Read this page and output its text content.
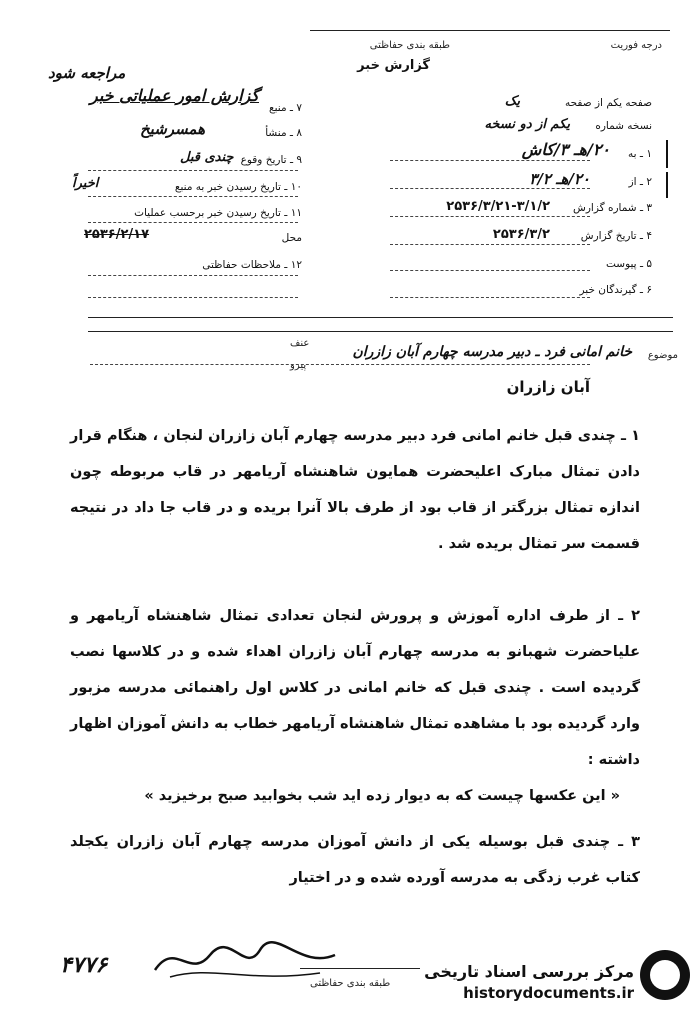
درجه فوریت
طبقه بندی حفاظتی
گزارش خبر
مراجعه شود
گزارش امور عملیاتی خبر	صفحه یکم از صفحه
یک
نسخه شماره
یکم از دو نسخه
۱ ـ به
۲۰/هـ ۳/کاش
۲ ـ از
۲۰/هـ ۳/۲
۳ ـ شماره گزارش
۲۵۳۶/۳/۲۱-۳/۱/۲
۴ ـ تاریخ گزارش
۲۵۳۶/۳/۲
۵ ـ پیوست
۶ ـ گیرندگان خبر
۷ ـ منبع
۸ ـ منشأ
همسرشیخ
۹ ـ تاریخ وقوع
چندی قبل
۱۰ ـ تاریخ رسیدن خبر به منبع
اخیراً
۱۱ ـ تاریخ رسیدن خبر برحسب عملیات
محل
۲۵۳۶/۲/۱۷
۱۲ ـ ملاحظات حفاظتی
موضوع
خانم امانی فرد ـ دبیر مدرسه چهارم آبان زازران
عنف
پیرو
آبان زازران
۱ ـ چندی قبل خانم امانی فرد دبیر مدرسه چهارم آبان زازران لنجان ، هنگام قرار دادن تمثال مبارک اعلیحضرت همایون شاهنشاه آریامهر در قاب مربوطه چون اندازه تمثال بزرگتر از قاب بود از طرف بالا آنرا بریده و در قاب جا داد در نتیجه قسمت سر تمثال بریده شد .
۲ ـ از طرف اداره آموزش و پرورش لنجان تعدادی تمثال شاهنشاه آریامهر و علیاحضرت شهبانو به مدرسه چهارم آبان زازران اهداء شده و در کلاسها نصب گردیده است . چندی قبل که خانم امانی در کلاس اول راهنمائی مدرسه مزبور وارد گردیده بود با مشاهده تمثال شاهنشاه آریامهر خطاب به دانش آموزان اظهار داشته :
« این عکسها چیست که به دیوار زده اید شب بخوابید صبح برخیزید »
۳ ـ چندی قبل بوسیله یکی از دانش آموزان مدرسه چهارم آبان زازران یکجلد کتاب غرب زدگی به مدرسه آورده شده و در اختیار
۴۷۷۶
طبقه بندی حفاظتی
مرکز بررسی اسناد تاریخی
historydocuments.ir
